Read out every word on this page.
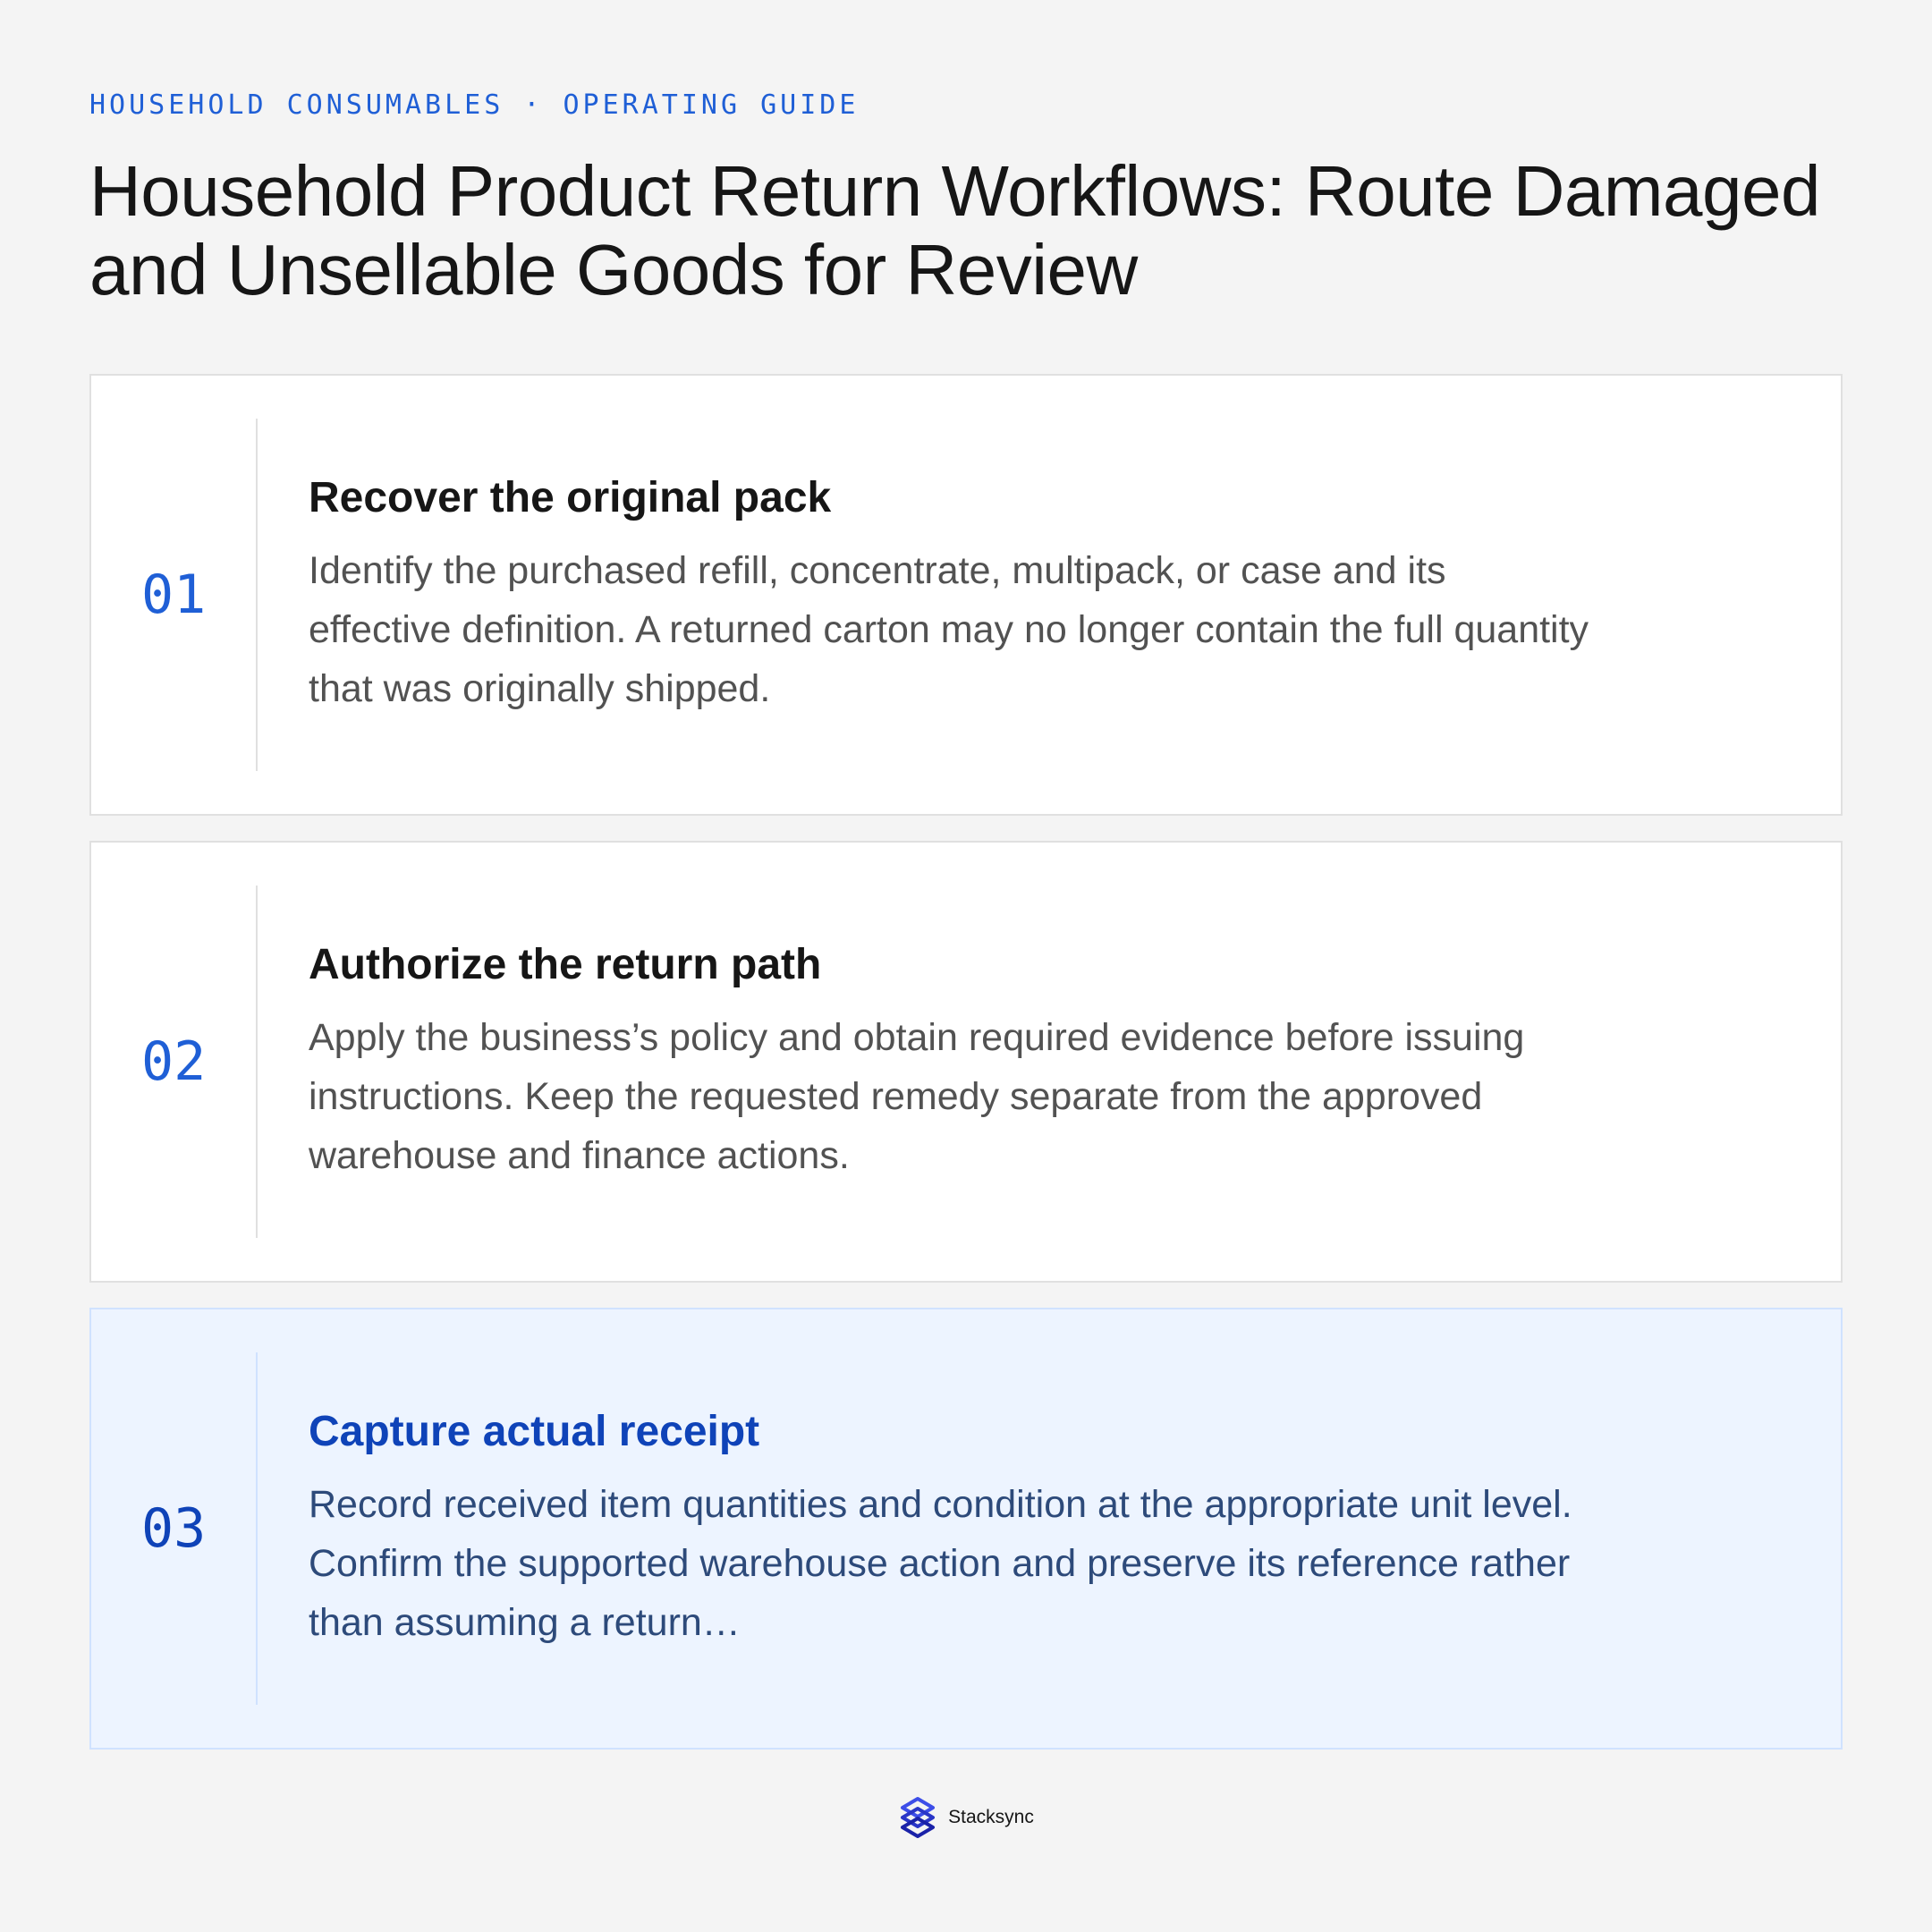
HOUSEHOLD CONSUMABLES · OPERATING GUIDE
Household Product Return Workflows: Route Damaged and Unsellable Goods for Review
01
Recover the original pack

Identify the purchased refill, concentrate, multipack, or case and its effective definition. A returned carton may no longer contain the full quantity that was originally shipped.

02
Authorize the return path

Apply the business’s policy and obtain required evidence before issuing instructions. Keep the requested remedy separate from the approved warehouse and finance actions.

03
Capture actual receipt

Record received item quantities and condition at the appropriate unit level. Confirm the supported warehouse action and preserve its reference rather than assuming a return…

Stacksync
